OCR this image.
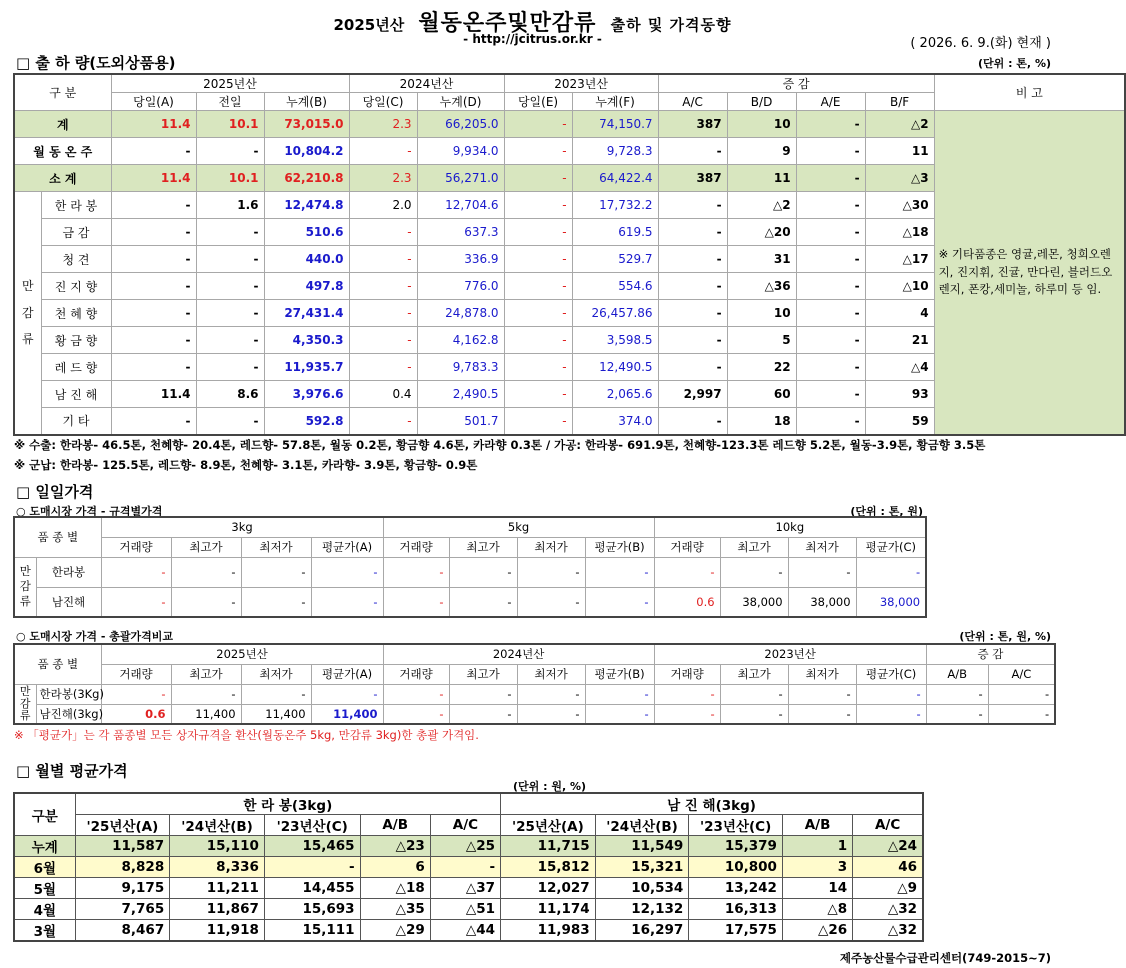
2025년산 월동온주및만감류 출하 및 가격동향
- http://jcitrus.or.kr -	( 2026. 6. 9.(화) 현재 )
□ 출 하 량(도외상품용)	(단위 : 톤, %)
구 분		2025년산			2024년산		2023년산		증 감				비 고
		당일(A)	전일	누계(B)	당일(C)	누계(D)	당일(E)	누계(F)	A/C	B/D	A/E	B/F	
계		11.4	10.1	73,015.0	2.3	66,205.0	-	74,150.7	387	10	-	△2	※ 기타품종은 영귤,레몬, 청희오렌지, 진지휘, 진귤, 만다린, 블러드오렌지, 폰캉,세미놀, 하루미 등 임.
월 동 온 주		-	-	10,804.2	-	9,934.0	-	9,728.3	-	9	-	11	
소 계		11.4	10.1	62,210.8	2.3	56,271.0	-	64,422.4	387	11	-	△3	

만
감
류	한 라 봉	-	1.6	12,474.8	2.0	12,704.6	-	17,732.2	-	△2	-	△30	
	금 감	-	-	510.6	-	637.3	-	619.5	-	△20	-	△18	
	청 견	-	-	440.0	-	336.9	-	529.7	-	31	-	△17	
	진 지 향	-	-	497.8	-	776.0	-	554.6	-	△36	-	△10	
	천 혜 향	-	-	27,431.4	-	24,878.0	-	26,457.86	-	10	-	4	
	황 금 향	-	-	4,350.3	-	4,162.8	-	3,598.5	-	5	-	21	
	레 드 향	-	-	11,935.7	-	9,783.3	-	12,490.5	-	22	-	△4	
	남 진 해	11.4	8.6	3,976.6	0.4	2,490.5	-	2,065.6	2,997	60	-	93	
	기 타	-	-	592.8	-	501.7	-	374.0	-	18	-	59	
※ 수출: 한라봉- 46.5톤, 천혜향- 20.4톤, 레드향- 57.8톤, 월동 0.2톤, 황금향 4.6톤, 카라향 0.3톤 / 가공: 한라봉- 691.9톤, 천혜향-123.3톤 레드향 5.2톤, 월동-3.9톤, 황금향 3.5톤
※ 군납: 한라봉- 125.5톤, 레드향- 8.9톤, 천혜향- 3.1톤, 카라향- 3.9톤, 황금향- 0.9톤
□ 일일가격
○ 도매시장 가격 - 규격별가격	(단위 : 톤, 원)
품 종 별		3kg				5kg				10kg			
		거래량	최고가	최저가	평균가(A)	거래량	최고가	최저가	평균가(B)	거래량	최고가	최저가	평균가(C)

만
감
류	한라봉	-	-	-	-	-	-	-	-	-	-	-	-
	남진해	-	-	-	-	-	-	-	-	0.6	38,000	38,000	38,000
○ 도매시장 가격 - 총괄가격비교	(단위 : 톤, 원, %)
품 종 별		2025년산				2024년산				2023년산				증 감	
		거래량	최고가	최저가	평균가(A)	거래량	최고가	최저가	평균가(B)	거래량	최고가	최저가	평균가(C)	A/B	A/C

만
감
류	한라봉(3Kg)	-	-	-	-	-	-	-	-	-	-	-	-	-	-
	남진해(3kg)	0.6	11,400	11,400	11,400	-	-	-	-	-	-	-	-	-	-
※ 「평균가」는 각 품종별 모든 상자규격을 환산(월동온주 5kg, 만감류 3kg)한 총괄 가격임.
□ 월별 평균가격
(단위 : 원, %)
구분	한 라 봉(3kg)					남 진 해(3kg)				
	'25년산(A)	'24년산(B)	'23년산(C)	A/B	A/C	'25년산(A)	'24년산(B)	'23년산(C)	A/B	A/C
누계	11,587	15,110	15,465	△23	△25	11,715	11,549	15,379	1	△24
6월	8,828	8,336	-	6	-	15,812	15,321	10,800	3	46
5월	9,175	11,211	14,455	△18	△37	12,027	10,534	13,242	14	△9
4월	7,765	11,867	15,693	△35	△51	11,174	12,132	16,313	△8	△32
3월	8,467	11,918	15,111	△29	△44	11,983	16,297	17,575	△26	△32
제주농산물수급관리센터(749-2015~7)
